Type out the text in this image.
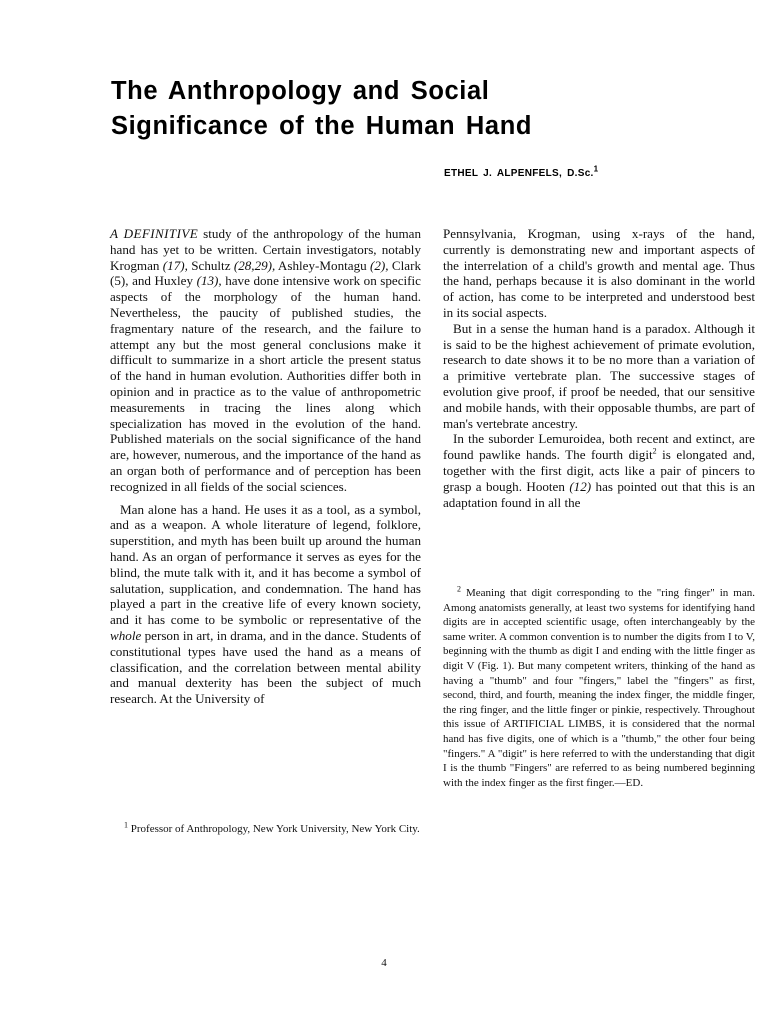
The Anthropology and Social
Significance of the Human Hand
ETHEL J. ALPENFELS, D.Sc.$^1$

A DEFINITIVE study of the anthropology of the human hand has yet to be written. Certain investigators, notably Krogman (17), Schultz (28,29), Ashley-Montagu (2), Clark (5), and Huxley (13), have done intensive work on specific aspects of the morphology of the human hand. Nevertheless, the paucity of published studies, the fragmentary nature of the research, and the failure to attempt any but the most general conclusions make it difficult to summarize in a short article the present status of the hand in human evolution. Authorities differ both in opinion and in practice as to the value of anthropometric measurements in tracing the lines along which specialization has moved in the evolution of the hand. Published materials on the social significance of the hand are, however, numerous, and the importance of the hand as an organ both of performance and of perception has been recognized in all fields of the social sciences.

Man alone has a hand. He uses it as a tool, as a symbol, and as a weapon. A whole literature of legend, folklore, superstition, and myth has been built up around the human hand. As an organ of performance it serves as eyes for the blind, the mute talk with it, and it has become a symbol of salutation, supplication, and condemnation. The hand has played a part in the creative life of every known society, and it has come to be symbolic or representative of the whole person in art, in drama, and in the dance. Students of constitutional types have used the hand as a means of classification, and the correlation between mental ability and manual dexterity has been the subject of much research. At the University of

$^1$ Professor of Anthropology, New York University, New York City.

Pennsylvania, Krogman, using x-rays of the hand, currently is demonstrating new and important aspects of the interrelation of a child's growth and mental age. Thus the hand, perhaps because it is also dominant in the world of action, has come to be interpreted and understood best in its social aspects.

But in a sense the human hand is a paradox. Although it is said to be the highest achievement of primate evolution, research to date shows it to be no more than a variation of a primitive vertebrate plan. The successive stages of evolution give proof, if proof be needed, that our sensitive and mobile hands, with their opposable thumbs, are part of man's vertebrate ancestry.

In the suborder Lemuroidea, both recent and extinct, are found pawlike hands. The fourth digit$^2$ is elongated and, together with the first digit, acts like a pair of pincers to grasp a bough. Hooten (12) has pointed out that this is an adaptation found in all the

$^2$ Meaning that digit corresponding to the "ring finger" in man. Among anatomists generally, at least two systems for identifying hand digits are in accepted scientific usage, often interchangeably by the same writer. A common convention is to number the digits from I to V, beginning with the thumb as digit I and ending with the little finger as digit V (Fig. 1). But many competent writers, thinking of the hand as having a "thumb" and four "fingers," label the "fingers" as first, second, third, and fourth, meaning the index finger, the middle finger, the ring finger, and the little finger or pinkie, respectively. Throughout this issue of ARTIFICIAL LIMBS, it is considered that the normal hand has five digits, one of which is a "thumb," the other four being "fingers." A "digit" is here referred to with the understanding that digit I is the thumb "Fingers" are referred to as being numbered beginning with the index finger as the first finger.—ED.

4
